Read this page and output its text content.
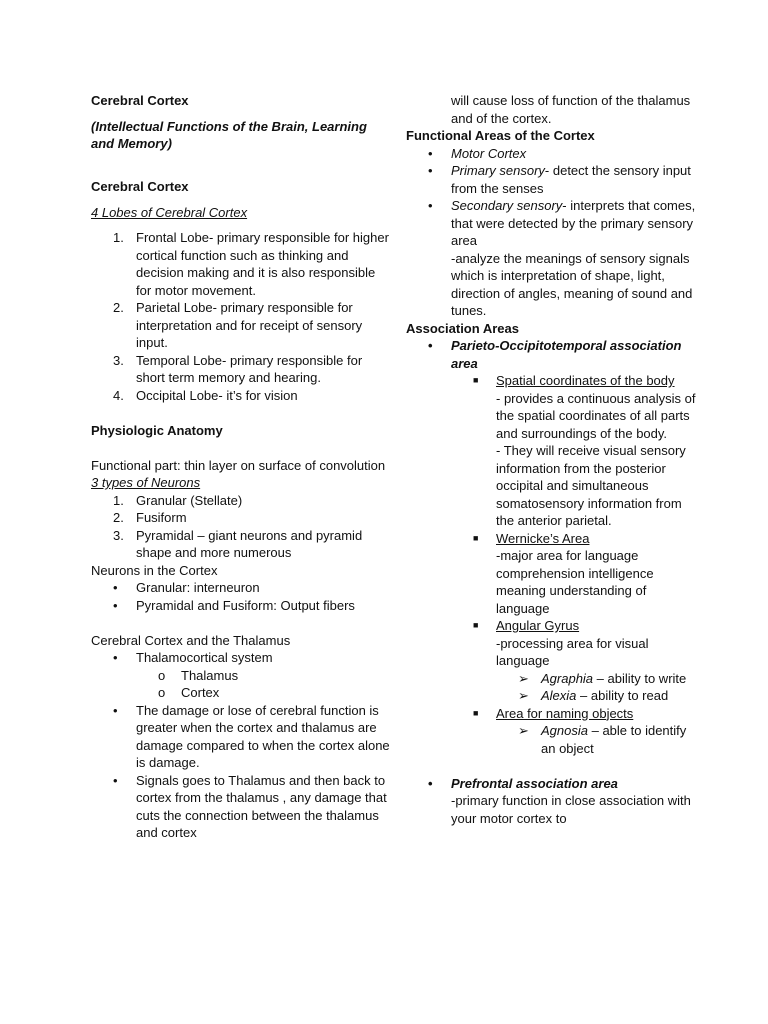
Cerebral Cortex
(Intellectual Functions of the Brain, Learning and Memory)
Cerebral Cortex
4 Lobes of Cerebral Cortex
1. Frontal Lobe- primary responsible for higher cortical function such as thinking and decision making and it is also responsible for motor movement.
2. Parietal Lobe- primary responsible for interpretation and for receipt of sensory input.
3. Temporal Lobe- primary responsible for short term memory and hearing.
4. Occipital Lobe- it’s for vision
Physiologic Anatomy
Functional part: thin layer on surface of convolution
3 types of Neurons
1. Granular (Stellate)
2. Fusiform
3. Pyramidal – giant neurons and pyramid shape and more numerous
Neurons in the Cortex
• Granular: interneuron
• Pyramidal and Fusiform: Output fibers
Cerebral Cortex and the Thalamus
• Thalamocortical system
o Thalamus
o Cortex
• The damage or lose of cerebral function is greater when the cortex and thalamus are damage compared to when the cortex alone is damage.
• Signals goes to Thalamus and then back to cortex from the thalamus , any damage that cuts the connection between the thalamus and cortex
will cause loss of function of the thalamus and of the cortex.
Functional Areas of the Cortex
• Motor Cortex
• Primary sensory- detect the sensory input from the senses
• Secondary sensory- interprets that comes, that were detected by the primary sensory area
-analyze the meanings of sensory signals which is interpretation of shape, light, direction of angles, meaning of sound and tunes.
Association Areas
• Parieto-Occipitotemporal association area
■ Spatial coordinates of the body
- provides a continuous analysis of the spatial coordinates of all parts and surroundings of the body.
- They will receive visual sensory information from the posterior occipital and simultaneous somatosensory information from the anterior parietal.
■ Wernicke’s Area
-major area for language comprehension intelligence meaning understanding of language
■ Angular Gyrus
-processing area for visual language
➢ Agraphia – ability to write
➢ Alexia – ability to read
■ Area for naming objects
➢ Agnosia – able to identify an object
• Prefrontal association area
-primary function in close association with your motor cortex to
